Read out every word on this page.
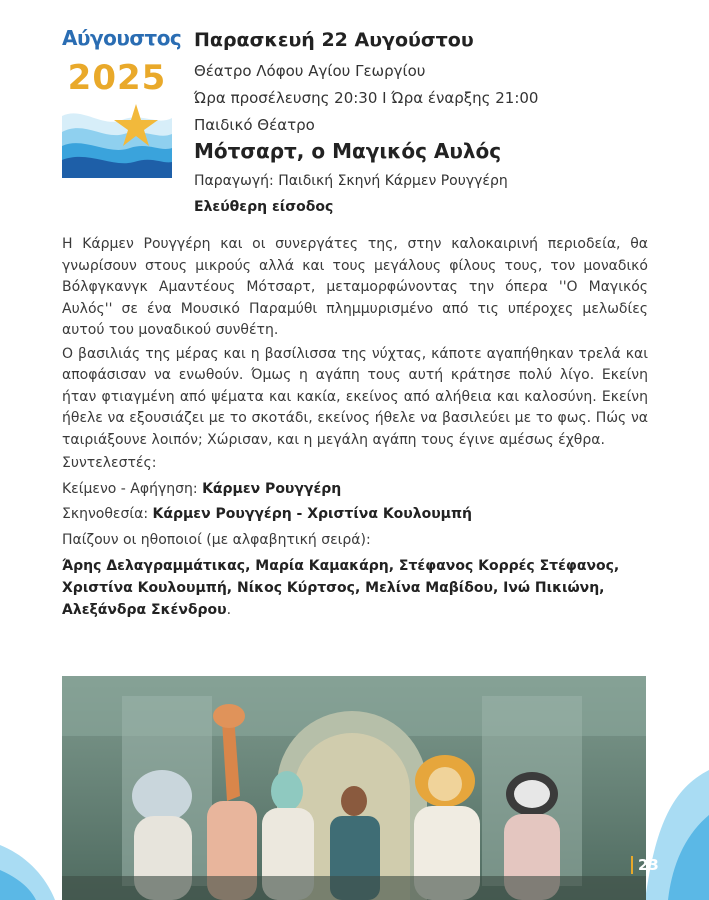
Αύγουστος
2025
Παρασκευή 22 Αυγούστου
Θέατρο Λόφου Αγίου Γεωργίου
Ώρα προσέλευσης 20:30 Ι Ώρα έναρξης 21:00
Παιδικό Θέατρο
Μότσαρτ, ο Μαγικός Αυλός
Παραγωγή: Παιδική Σκηνή Κάρμεν Ρουγγέρη
Ελεύθερη είσοδος

Η Κάρμεν Ρουγγέρη και οι συνεργάτες της, στην καλοκαιρινή περιοδεία, θα γνωρίσουν στους μικρούς αλλά και τους μεγάλους φίλους τους, τον μοναδικό Βόλφγκανγκ Αμαντέους Μότσαρτ, μεταμορφώνοντας την όπερα ''Ο Μαγικός Αυλός'' σε ένα Μουσικό Παραμύθι πλημμυρισμένο από τις υπέροχες μελωδίες αυτού του μοναδικού συνθέτη.

Ο βασιλιάς της μέρας και η βασίλισσα της νύχτας, κάποτε αγαπήθηκαν τρελά και αποφάσισαν να ενωθούν. Όμως η αγάπη τους αυτή κράτησε πολύ λίγο. Εκείνη ήταν φτιαγμένη από ψέματα και κακία, εκείνος από αλήθεια και καλοσύνη. Εκείνη ήθελε να εξουσιάζει με το σκοτάδι, εκείνος ήθελε να βασιλεύει με το φως. Πώς να ταιριάξουνε λοιπόν; Χώρισαν, και η μεγάλη αγάπη τους έγινε αμέσως έχθρα.

Συντελεστές:
Κείμενο - Αφήγηση: Κάρμεν Ρουγγέρη
Σκηνοθεσία: Κάρμεν Ρουγγέρη - Χριστίνα Κουλουμπή
Παίζουν οι ηθοποιοί (με αλφαβητική σειρά):
Άρης Δελαγραμμάτικας, Μαρία Καμακάρη, Στέφανος Κορρές Στέφανος, Χριστίνα Κουλουμπή, Νίκος Κύρτσος, Μελίνα Μαβίδου, Ινώ Πικιώνη, Αλεξάνδρα Σκένδρου.
23
